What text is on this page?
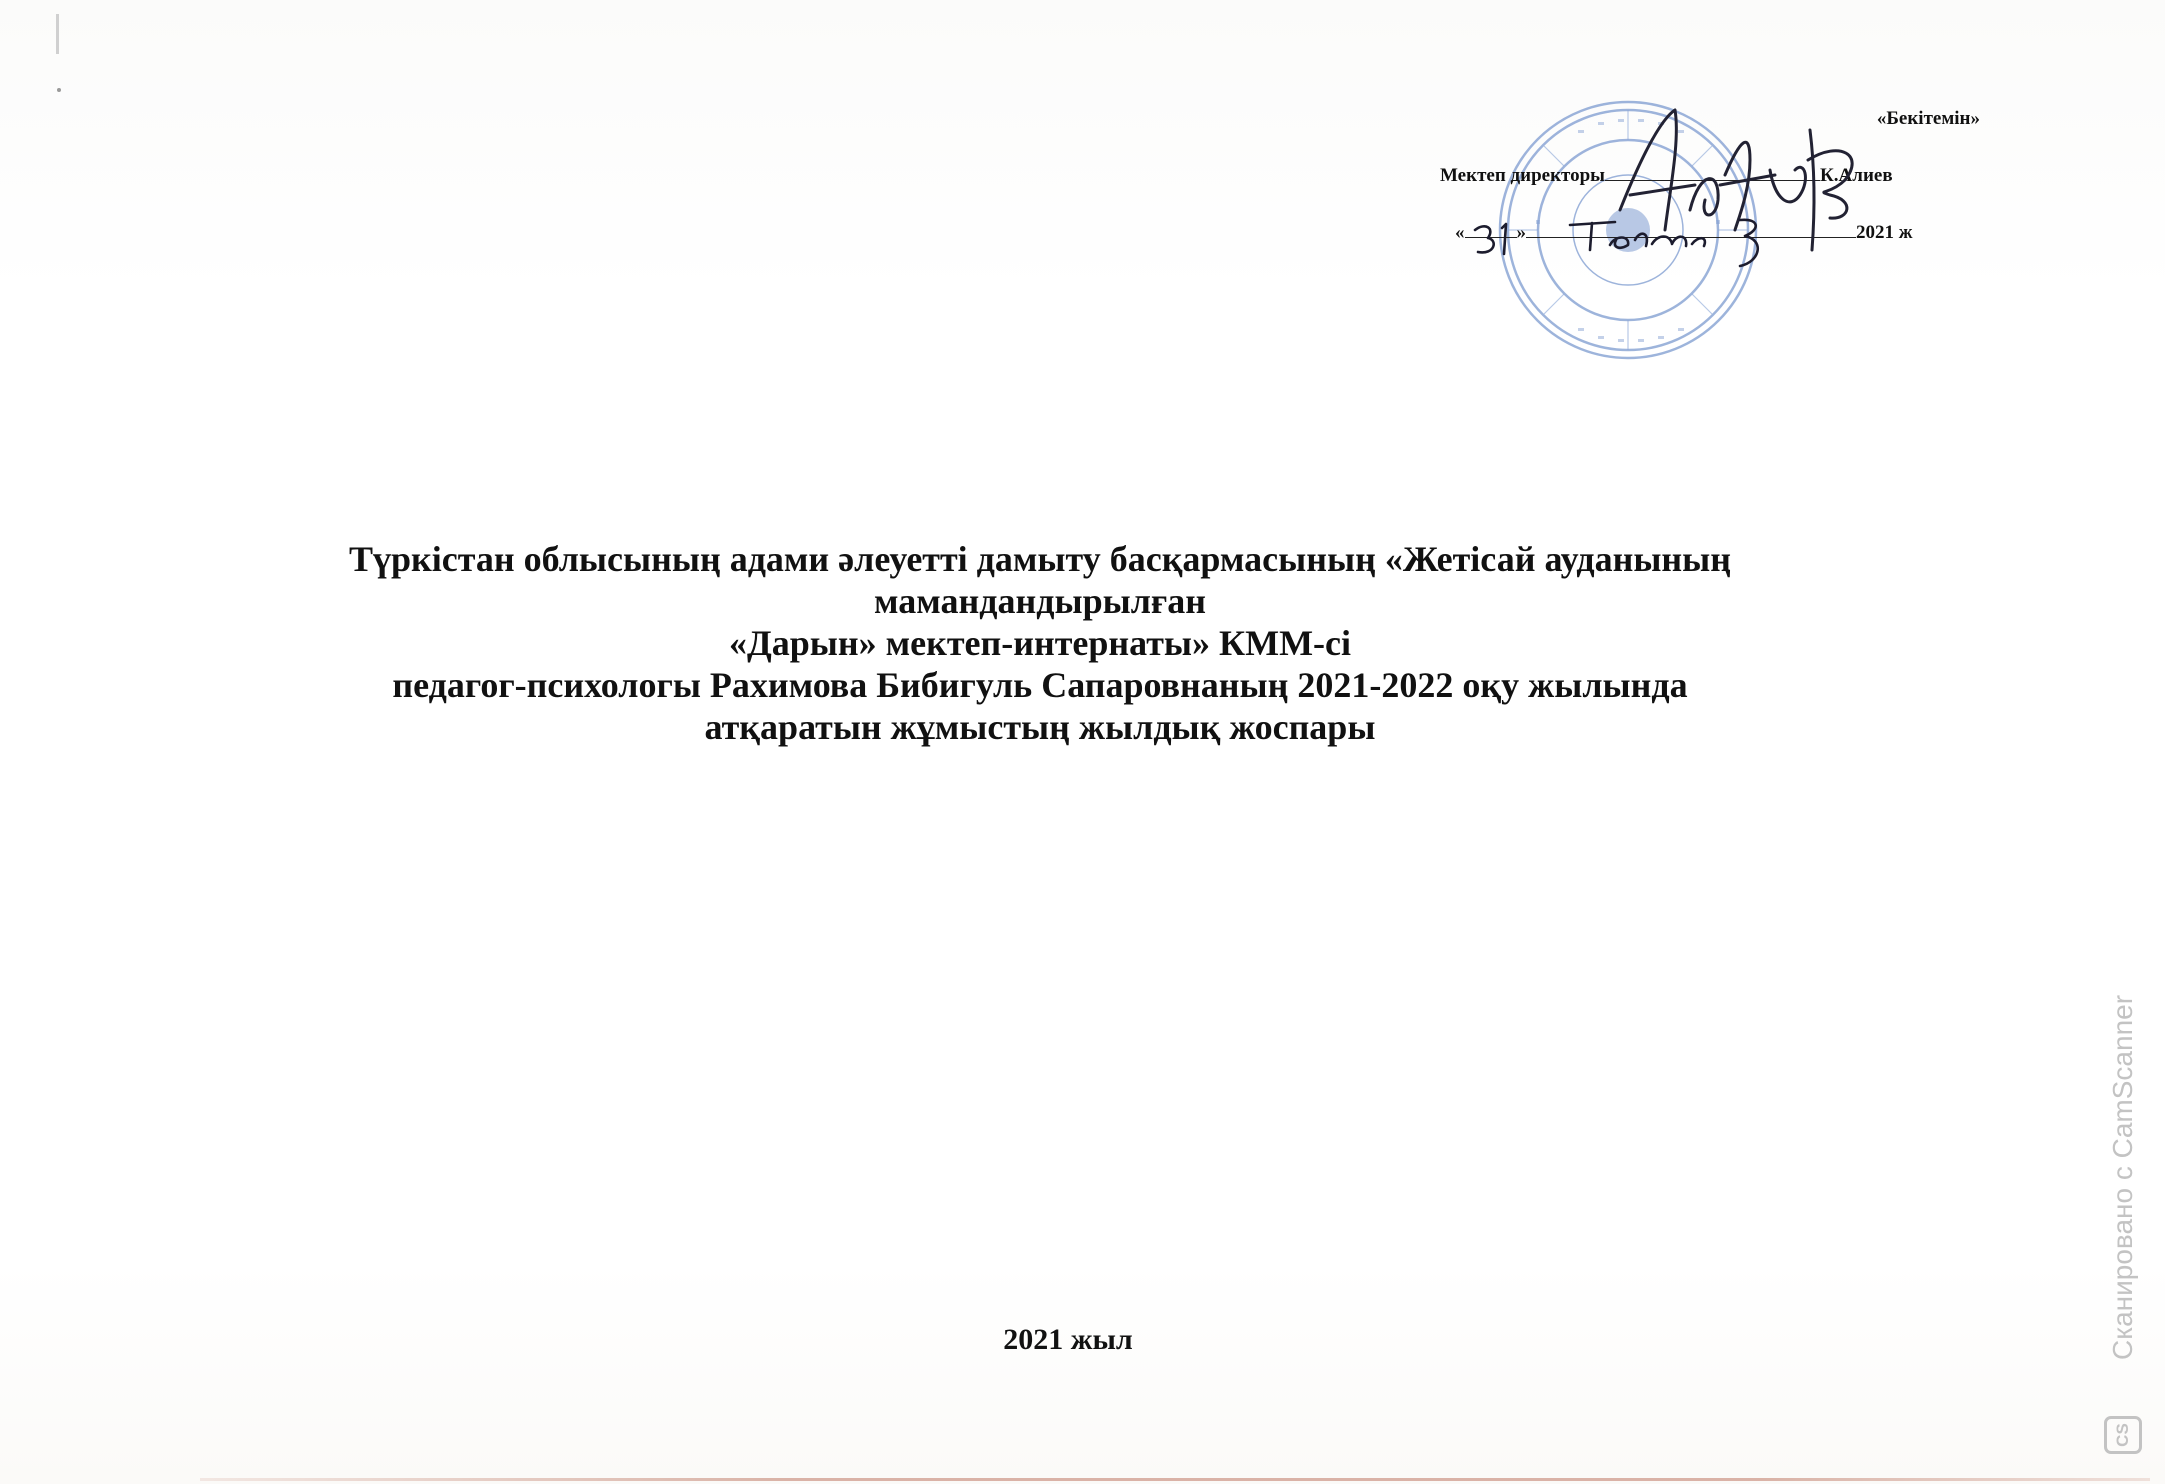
«Бекітемін»
Мектеп директоры	К.Алиев
«	»	2021 ж
Түркістан облысының адами әлеуетті дамыту басқармасының «Жетісай ауданының
мамандандырылған
«Дарын» мектеп-интернаты» КММ-сі
педагог-психологы Рахимова Бибигуль Сапаровнаның 2021-2022 оқу жылында
атқаратын жұмыстың жылдық жоспары
2021 жыл	Сканировано с CamScanner
CS
